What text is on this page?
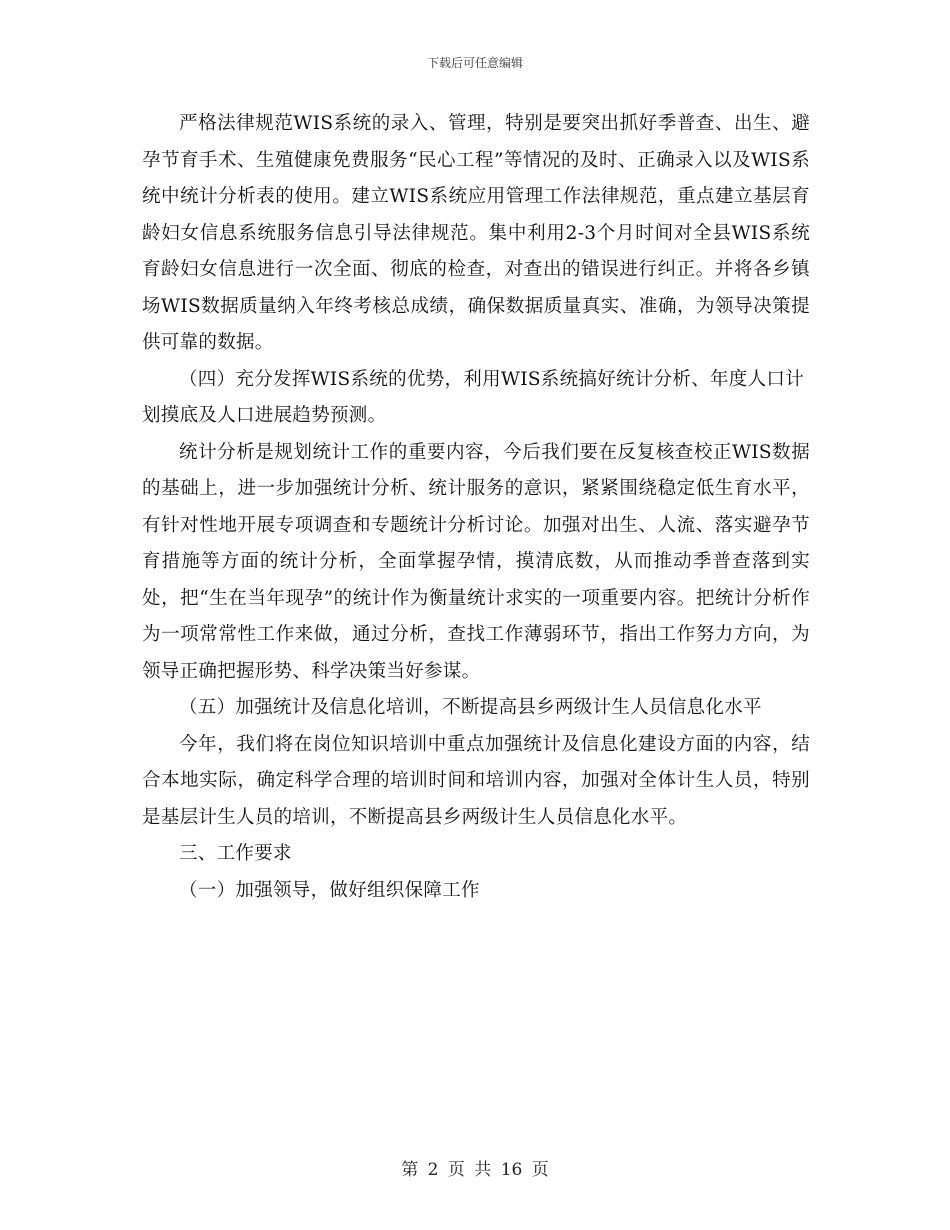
下载后可任意编辑

严格法律规范WIS系统的录入、管理，特别是要突出抓好季普查、出生、避孕节育手术、生殖健康免费服务“民心工程”等情况的及时、正确录入以及WIS系统中统计分析表的使用。建立WIS系统应用管理工作法律规范，重点建立基层育龄妇女信息系统服务信息引导法律规范。集中利用2-3个月时间对全县WIS系统育龄妇女信息进行一次全面、彻底的检查，对查出的错误进行纠正。并将各乡镇场WIS数据质量纳入年终考核总成绩，确保数据质量真实、准确，为领导决策提供可靠的数据。

（四）充分发挥WIS系统的优势，利用WIS系统搞好统计分析、年度人口计划摸底及人口进展趋势预测。

统计分析是规划统计工作的重要内容，今后我们要在反复核查校正WIS数据的基础上，进一步加强统计分析、统计服务的意识，紧紧围绕稳定低生育水平，有针对性地开展专项调查和专题统计分析讨论。加强对出生、人流、落实避孕节育措施等方面的统计分析，全面掌握孕情，摸清底数，从而推动季普查落到实处，把“生在当年现孕”的统计作为衡量统计求实的一项重要内容。把统计分析作为一项常常性工作来做，通过分析，查找工作薄弱环节，指出工作努力方向，为领导正确把握形势、科学决策当好参谋。

（五）加强统计及信息化培训，不断提高县乡两级计生人员信息化水平

今年，我们将在岗位知识培训中重点加强统计及信息化建设方面的内容，结合本地实际，确定科学合理的培训时间和培训内容，加强对全体计生人员，特别是基层计生人员的培训，不断提高县乡两级计生人员信息化水平。

三、工作要求

（一）加强领导，做好组织保障工作

第 2 页 共 16 页
